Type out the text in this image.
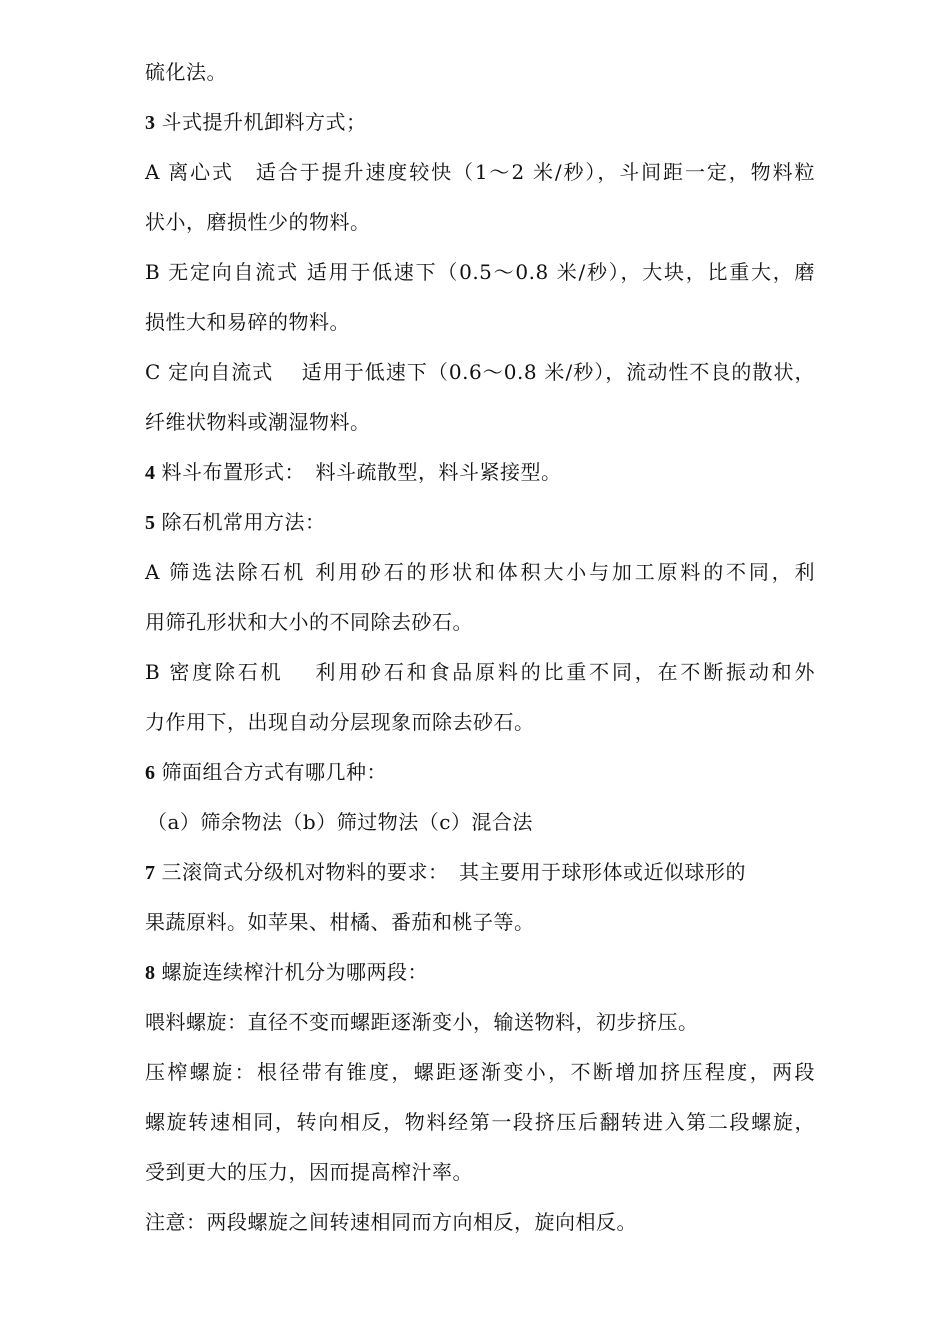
硫化法。
3 斗式提升机卸料方式；
A 离心式　适合于提升速度较快（1～2 米/秒），斗间距一定，物料粒
状小，磨损性少的物料。
B 无定向自流式 适用于低速下（0.5～0.8 米/秒），大块，比重大，磨
损性大和易碎的物料。
C 定向自流式　 适用于低速下（0.6～0.8 米/秒），流动性不良的散状，
纤维状物料或潮湿物料。
4 料斗布置形式：　料斗疏散型，料斗紧接型。
5 除石机常用方法：
A 筛选法除石机 利用砂石的形状和体积大小与加工原料的不同，利
用筛孔形状和大小的不同除去砂石。
B 密度除石机　 利用砂石和食品原料的比重不同，在不断振动和外
力作用下，出现自动分层现象而除去砂石。
6 筛面组合方式有哪几种：
（a）筛余物法（b）筛过物法（c）混合法
7 三滚筒式分级机对物料的要求：　其主要用于球形体或近似球形的
果蔬原料。如苹果、柑橘、番茄和桃子等。
8 螺旋连续榨汁机分为哪两段：
喂料螺旋：直径不变而螺距逐渐变小，输送物料，初步挤压。
压榨螺旋：根径带有锥度，螺距逐渐变小，不断增加挤压程度，两段
螺旋转速相同，转向相反，物料经第一段挤压后翻转进入第二段螺旋，
受到更大的压力，因而提高榨汁率。
注意：两段螺旋之间转速相同而方向相反，旋向相反。
